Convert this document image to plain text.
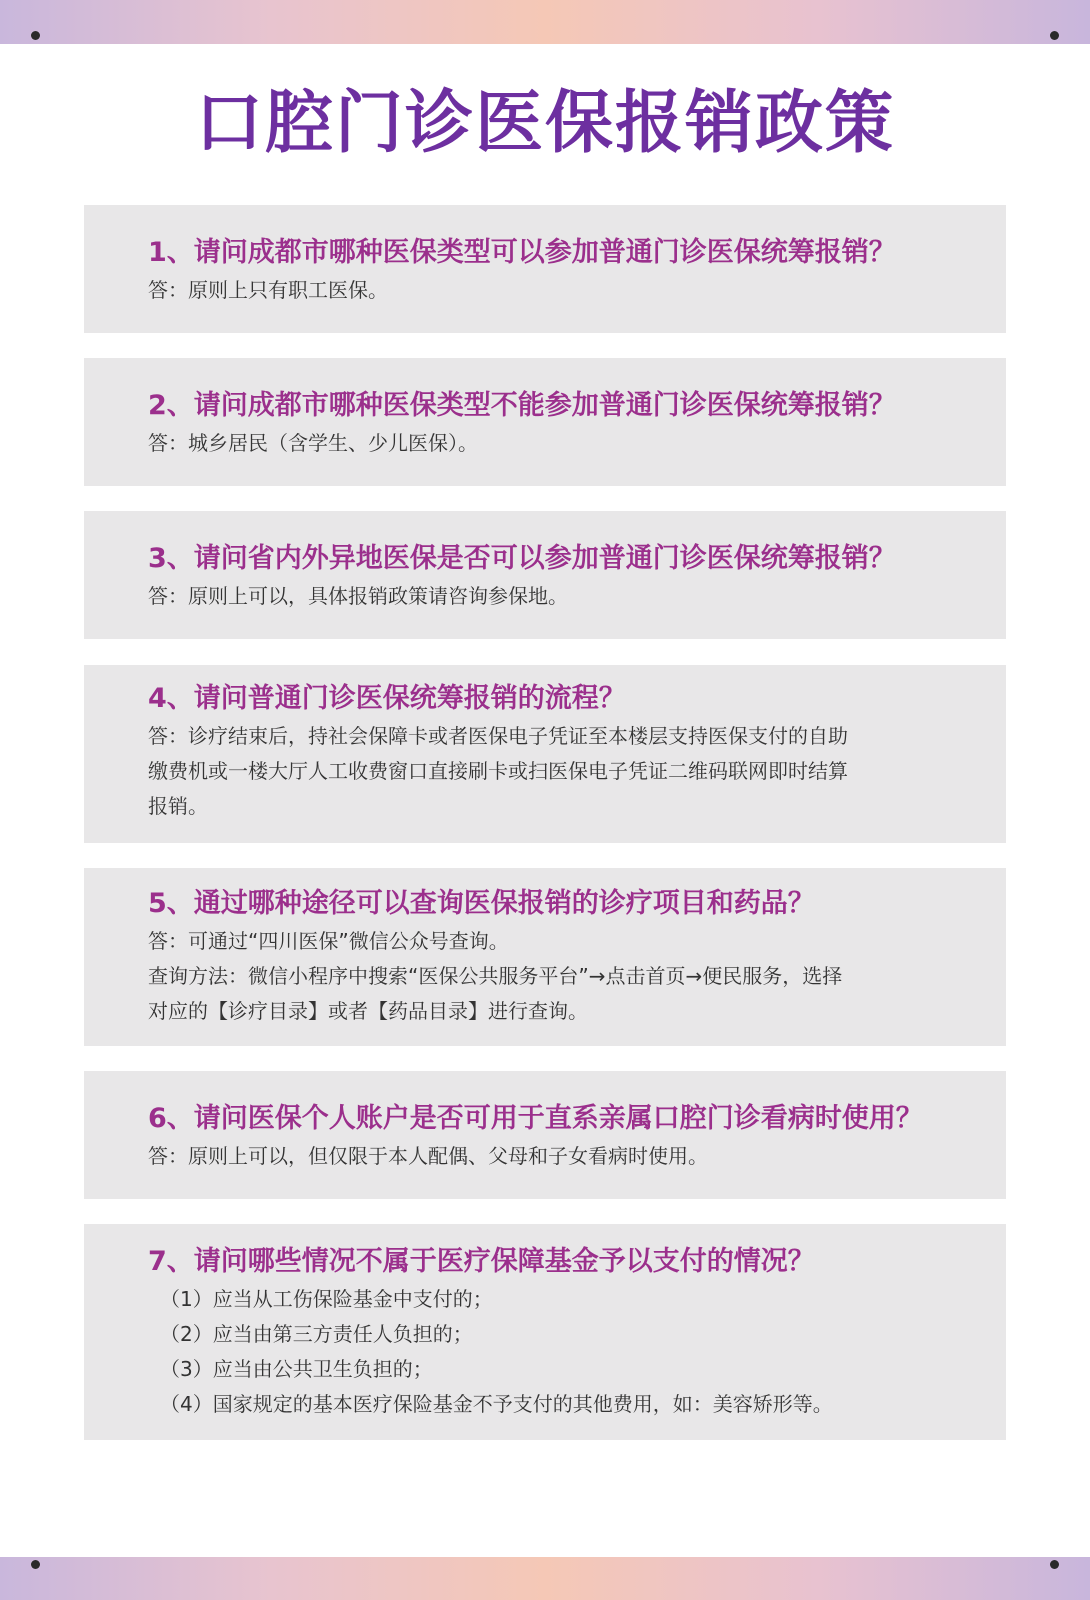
口腔门诊医保报销政策
1、请问成都市哪种医保类型可以参加普通门诊医保统筹报销？
答：原则上只有职工医保。
2、请问成都市哪种医保类型不能参加普通门诊医保统筹报销？
答：城乡居民（含学生、少儿医保）。
3、请问省内外异地医保是否可以参加普通门诊医保统筹报销？
答：原则上可以，具体报销政策请咨询参保地。
4、请问普通门诊医保统筹报销的流程？
答：诊疗结束后，持社会保障卡或者医保电子凭证至本楼层支持医保支付的自助
缴费机或一楼大厅人工收费窗口直接刷卡或扫医保电子凭证二维码联网即时结算
报销。
5、通过哪种途径可以查询医保报销的诊疗项目和药品？
答：可通过“四川医保”微信公众号查询。
查询方法：微信小程序中搜索“医保公共服务平台”→点击首页→便民服务，选择
对应的【诊疗目录】或者【药品目录】进行查询。
6、请问医保个人账户是否可用于直系亲属口腔门诊看病时使用？
答：原则上可以，但仅限于本人配偶、父母和子女看病时使用。
7、请问哪些情况不属于医疗保障基金予以支付的情况？
（1）应当从工伤保险基金中支付的；
（2）应当由第三方责任人负担的；
（3）应当由公共卫生负担的；
（4）国家规定的基本医疗保险基金不予支付的其他费用，如：美容矫形等。
